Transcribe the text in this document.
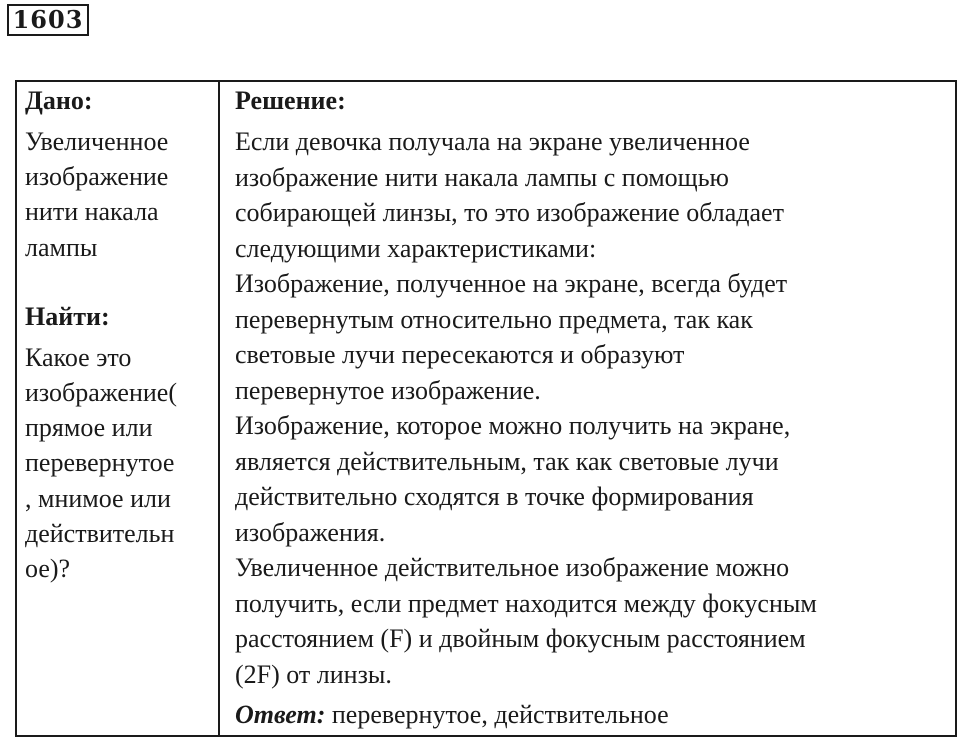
1603
Дано:

Увеличенное
изображение
нити накала
лампы

Найти:

Какое это
изображение(
прямое или
перевернутое
, мнимое или
действительн
ое)?

Решение:

Если девочка получала на экране увеличенное
изображение нити накала лампы с помощью
собирающей линзы, то это изображение обладает
следующими характеристиками:

Изображение, полученное на экране, всегда будет
перевернутым относительно предмета, так как
световые лучи пересекаются и образуют
перевернутое изображение.

Изображение, которое можно получить на экране,
является действительным, так как световые лучи
действительно сходятся в точке формирования
изображения.

Увеличенное действительное изображение можно
получить, если предмет находится между фокусным
расстоянием (F) и двойным фокусным расстоянием
(2F) от линзы.

Ответ: перевернутое, действительное
